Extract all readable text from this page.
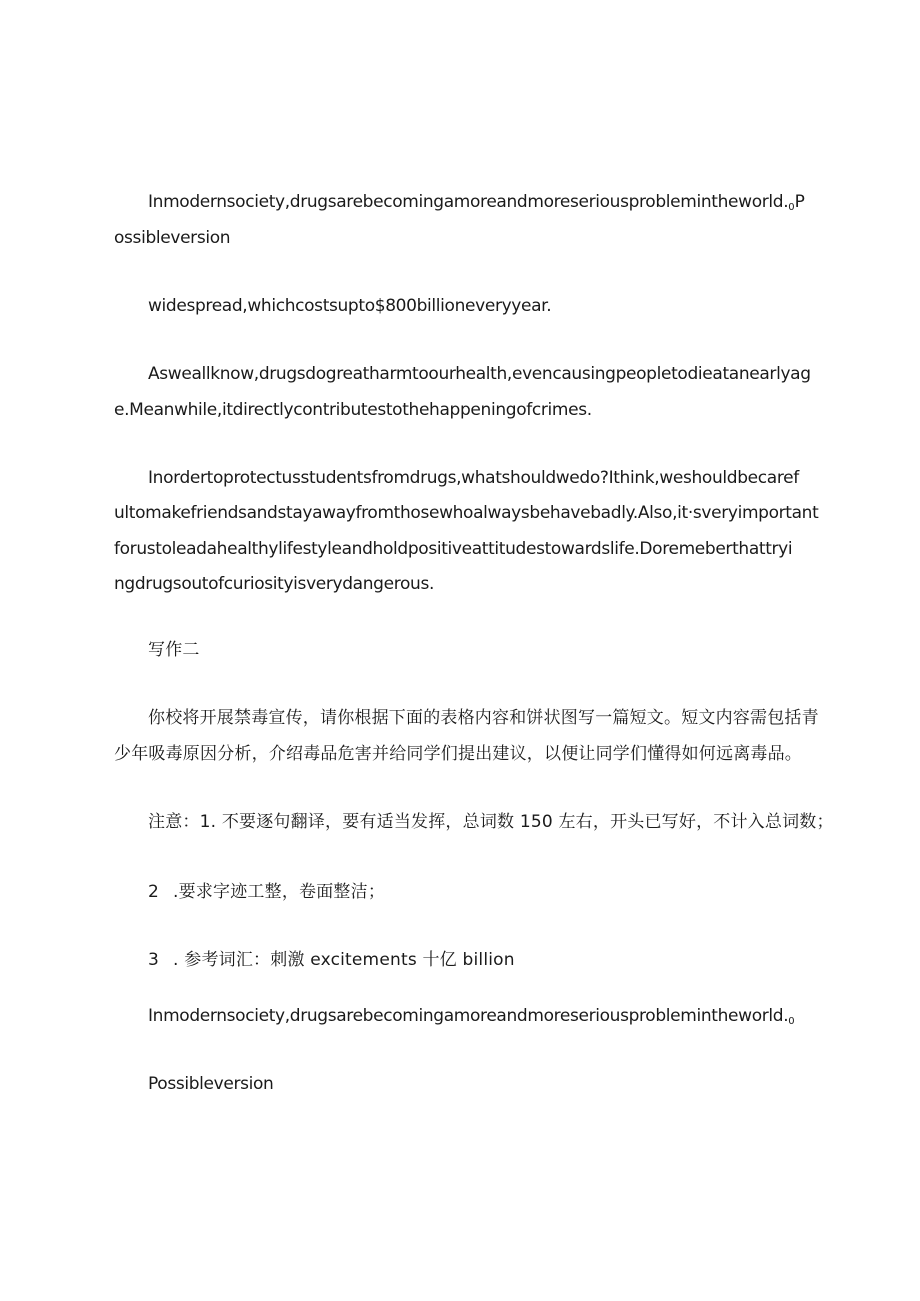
$Inmodernsociety,drugsarebecomingamoreandmoreseriousproblemintheworld._0P$
ossibleversion
widespread,whichcostsupto$800billioneveryyear.
Asweallknow,drugsdogreatharmtoourhealth,evencausingpeopletodieatanearlyag
e.Meanwhile,itdirectlycontributestothehappeningofcrimes.
Inordertoprotectusstudentsfromdrugs,whatshouldwedo?Ithink,weshouldbecaref
ultomakefriendsandstayawayfromthosewhoalwaysbehavebadly.Also,it·sveryimportant
forustoleadahealthylifestyleandholdpositiveattitudestowardslife.Doremeberthattryi
ngdrugsoutofcuriosityisverydangerous.
写作二
你校将开展禁毒宣传，请你根据下面的表格内容和饼状图写一篇短文。短文内容需包括青
少年吸毒原因分析，介绍毒品危害并给同学们提出建议，以便让同学们懂得如何远离毒品。
注意：1. 不要逐句翻译，要有适当发挥，总词数 150 左右，开头已写好，不计入总词数；
2 .要求字迹工整，卷面整洁；
3 . 参考词汇：刺激 excitements 十亿 billion
$Inmodernsociety,drugsarebecomingamoreandmoreseriousproblemintheworld._0$
Possibleversion
